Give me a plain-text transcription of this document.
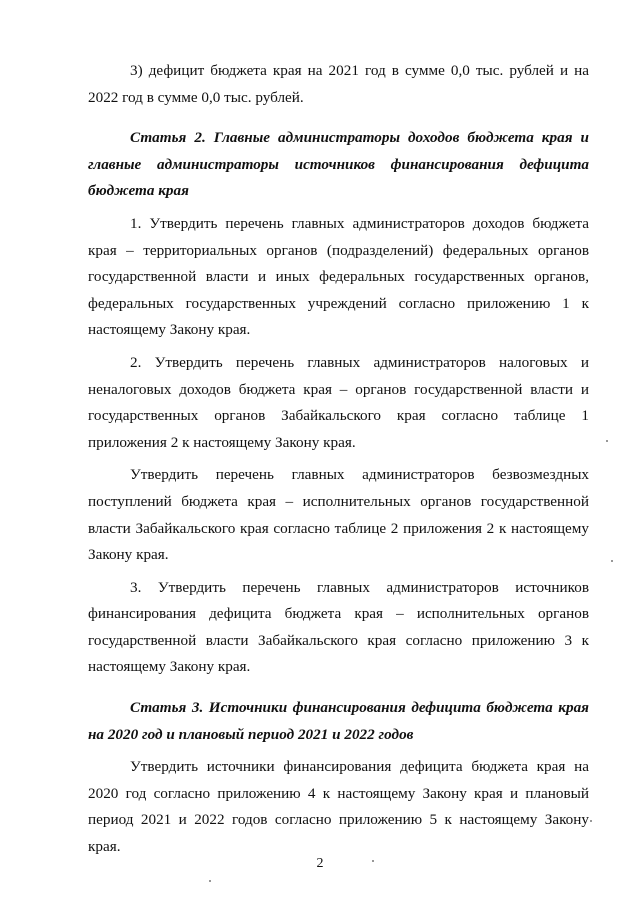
3) дефицит бюджета края на 2021 год в сумме 0,0 тыс. рублей и на 2022 год в сумме 0,0 тыс. рублей.

Статья 2. Главные администраторы доходов бюджета края и главные администраторы источников финансирования дефицита бюджета края

1. Утвердить перечень главных администраторов доходов бюджета края – территориальных органов (подразделений) федеральных органов государственной власти и иных федеральных государственных органов, федеральных государственных учреждений согласно приложению 1 к настоящему Закону края.

2. Утвердить перечень главных администраторов налоговых и неналоговых доходов бюджета края – органов государственной власти и государственных органов Забайкальского края согласно таблице 1 приложения 2 к настоящему Закону края.

Утвердить перечень главных администраторов безвозмездных поступлений бюджета края – исполнительных органов государственной власти Забайкальского края согласно таблице 2 приложения 2 к настоящему Закону края.

3. Утвердить перечень главных администраторов источников финансирования дефицита бюджета края – исполнительных органов государственной власти Забайкальского края согласно приложению 3 к настоящему Закону края.

Статья 3. Источники финансирования дефицита бюджета края на 2020 год и плановый период 2021 и 2022 годов

Утвердить источники финансирования дефицита бюджета края на 2020 год согласно приложению 4 к настоящему Закону края и плановый период 2021 и 2022 годов согласно приложению 5 к настоящему Закону края.

2
